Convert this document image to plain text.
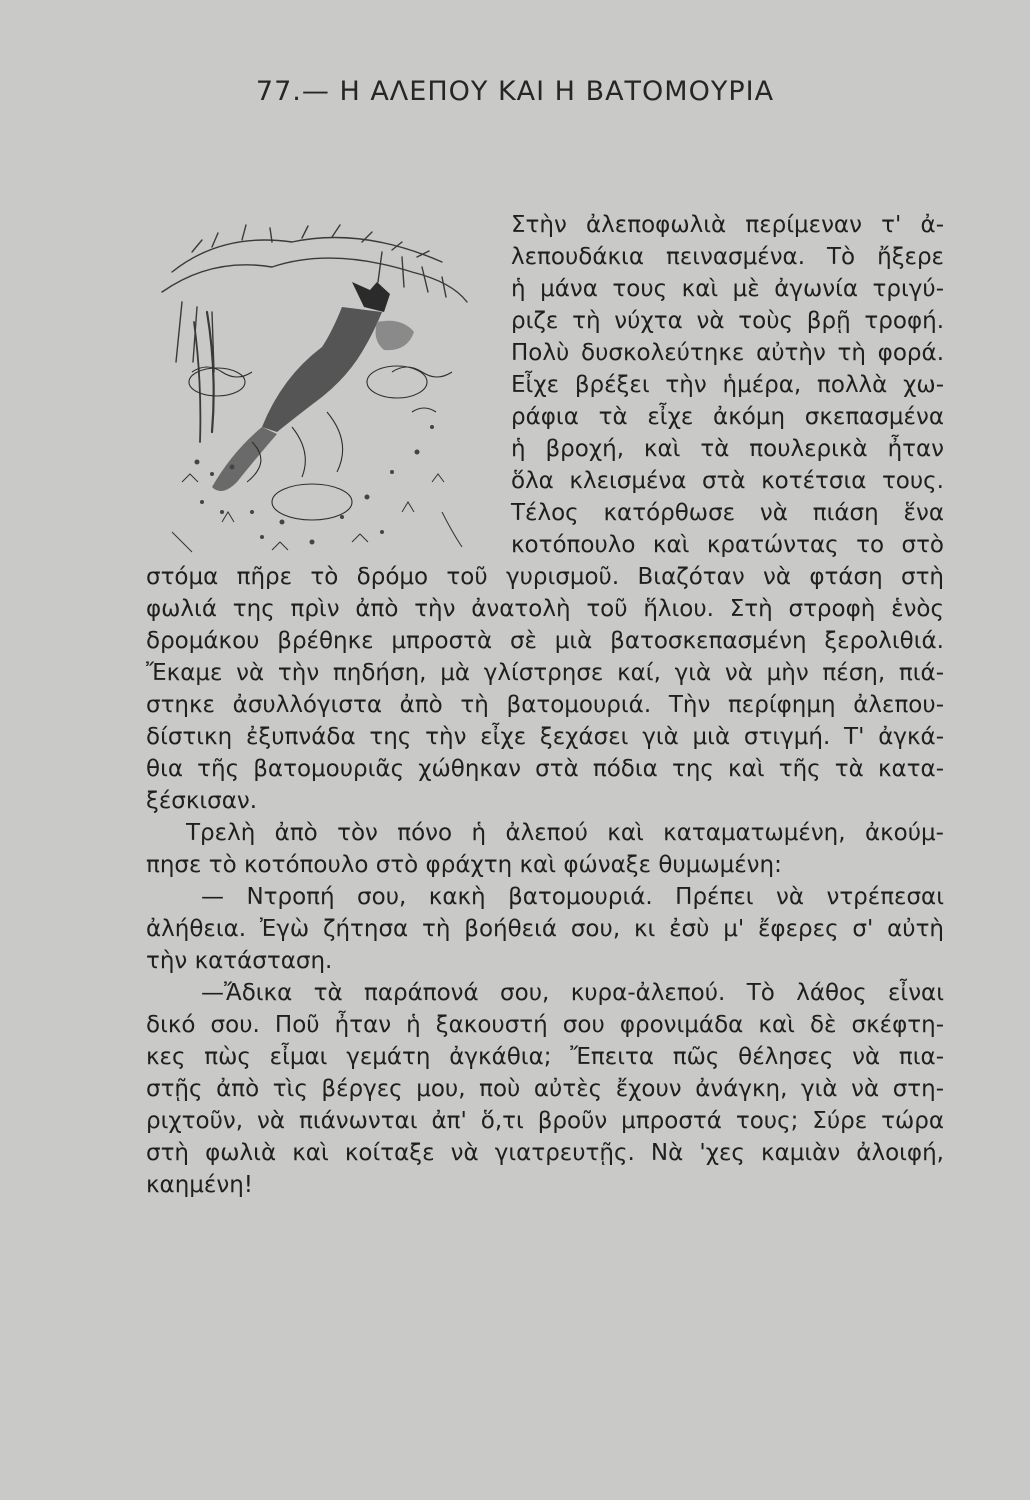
77.— Η ΑΛΕΠΟΥ ΚΑΙ Η ΒΑΤΟΜΟΥΡΙΑ
Στὴν ἀλεποφωλιὰ περίμεναν τ' ἀ-
λεπουδάκια πεινασμένα. Τὸ ἤξερε
ἡ μάνα τους καὶ μὲ ἀγωνία τριγύ-
ριζε τὴ νύχτα νὰ τοὺς βρῇ τροφή.
Πολὺ δυσκολεύτηκε αὐτὴν τὴ φορά.
Εἶχε βρέξει τὴν ἡμέρα, πολλὰ χω-
ράφια τὰ εἶχε ἀκόμη σκεπασμένα
ἡ βροχή, καὶ τὰ πουλερικὰ ἦταν
ὅλα κλεισμένα στὰ κοτέτσια τους.
Τέλος κατόρθωσε νὰ πιάση ἕνα
κοτόπουλο καὶ κρατώντας το στὸ
στόμα πῆρε τὸ δρόμο τοῦ γυρισμοῦ. Βιαζόταν νὰ φτάση στὴ
φωλιά της πρὶν ἀπὸ τὴν ἀνατολὴ τοῦ ἥλιου. Στὴ στροφὴ ἑνὸς
δρομάκου βρέθηκε μπροστὰ σὲ μιὰ βατοσκεπασμένη ξερολιθιά.
Ἔκαμε νὰ τὴν πηδήση, μὰ γλίστρησε καί, γιὰ νὰ μὴν πέση, πιά-
στηκε ἀσυλλόγιστα ἀπὸ τὴ βατομουριά. Τὴν περίφημη ἀλεπου-
δίστικη ἐξυπνάδα της τὴν εἶχε ξεχάσει γιὰ μιὰ στιγμή. Τ' ἀγκά-
θια τῆς βατομουριᾶς χώθηκαν στὰ πόδια της καὶ τῆς τὰ κατα-
ξέσκισαν.
Τρελὴ ἀπὸ τὸν πόνο ἡ ἀλεπού καὶ καταματωμένη, ἀκούμ-
πησε τὸ κοτόπουλο στὸ φράχτη καὶ φώναξε θυμωμένη:
— Ντροπή σου, κακὴ βατομουριά. Πρέπει νὰ ντρέπεσαι
ἀλήθεια. Ἐγὼ ζήτησα τὴ βοήθειά σου, κι ἐσὺ μ' ἔφερες σ' αὐτὴ
τὴν κατάσταση.
—Ἄδικα τὰ παράπονά σου, κυρα-ἀλεπού. Τὸ λάθος εἶναι
δικό σου. Ποῦ ἦταν ἡ ξακουστή σου φρονιμάδα καὶ δὲ σκέφτη-
κες πὼς εἶμαι γεμάτη ἀγκάθια; Ἔπειτα πῶς θέλησες νὰ πια-
στῇς ἀπὸ τὶς βέργες μου, ποὺ αὐτὲς ἔχουν ἀνάγκη, γιὰ νὰ στη-
ριχτοῦν, νὰ πιάνωνται ἀπ' ὅ,τι βροῦν μπροστά τους; Σύρε τώρα
στὴ φωλιὰ καὶ κοίταξε νὰ γιατρευτῇς. Νὰ 'χες καμιὰν ἀλοιφή,
καημένη!
